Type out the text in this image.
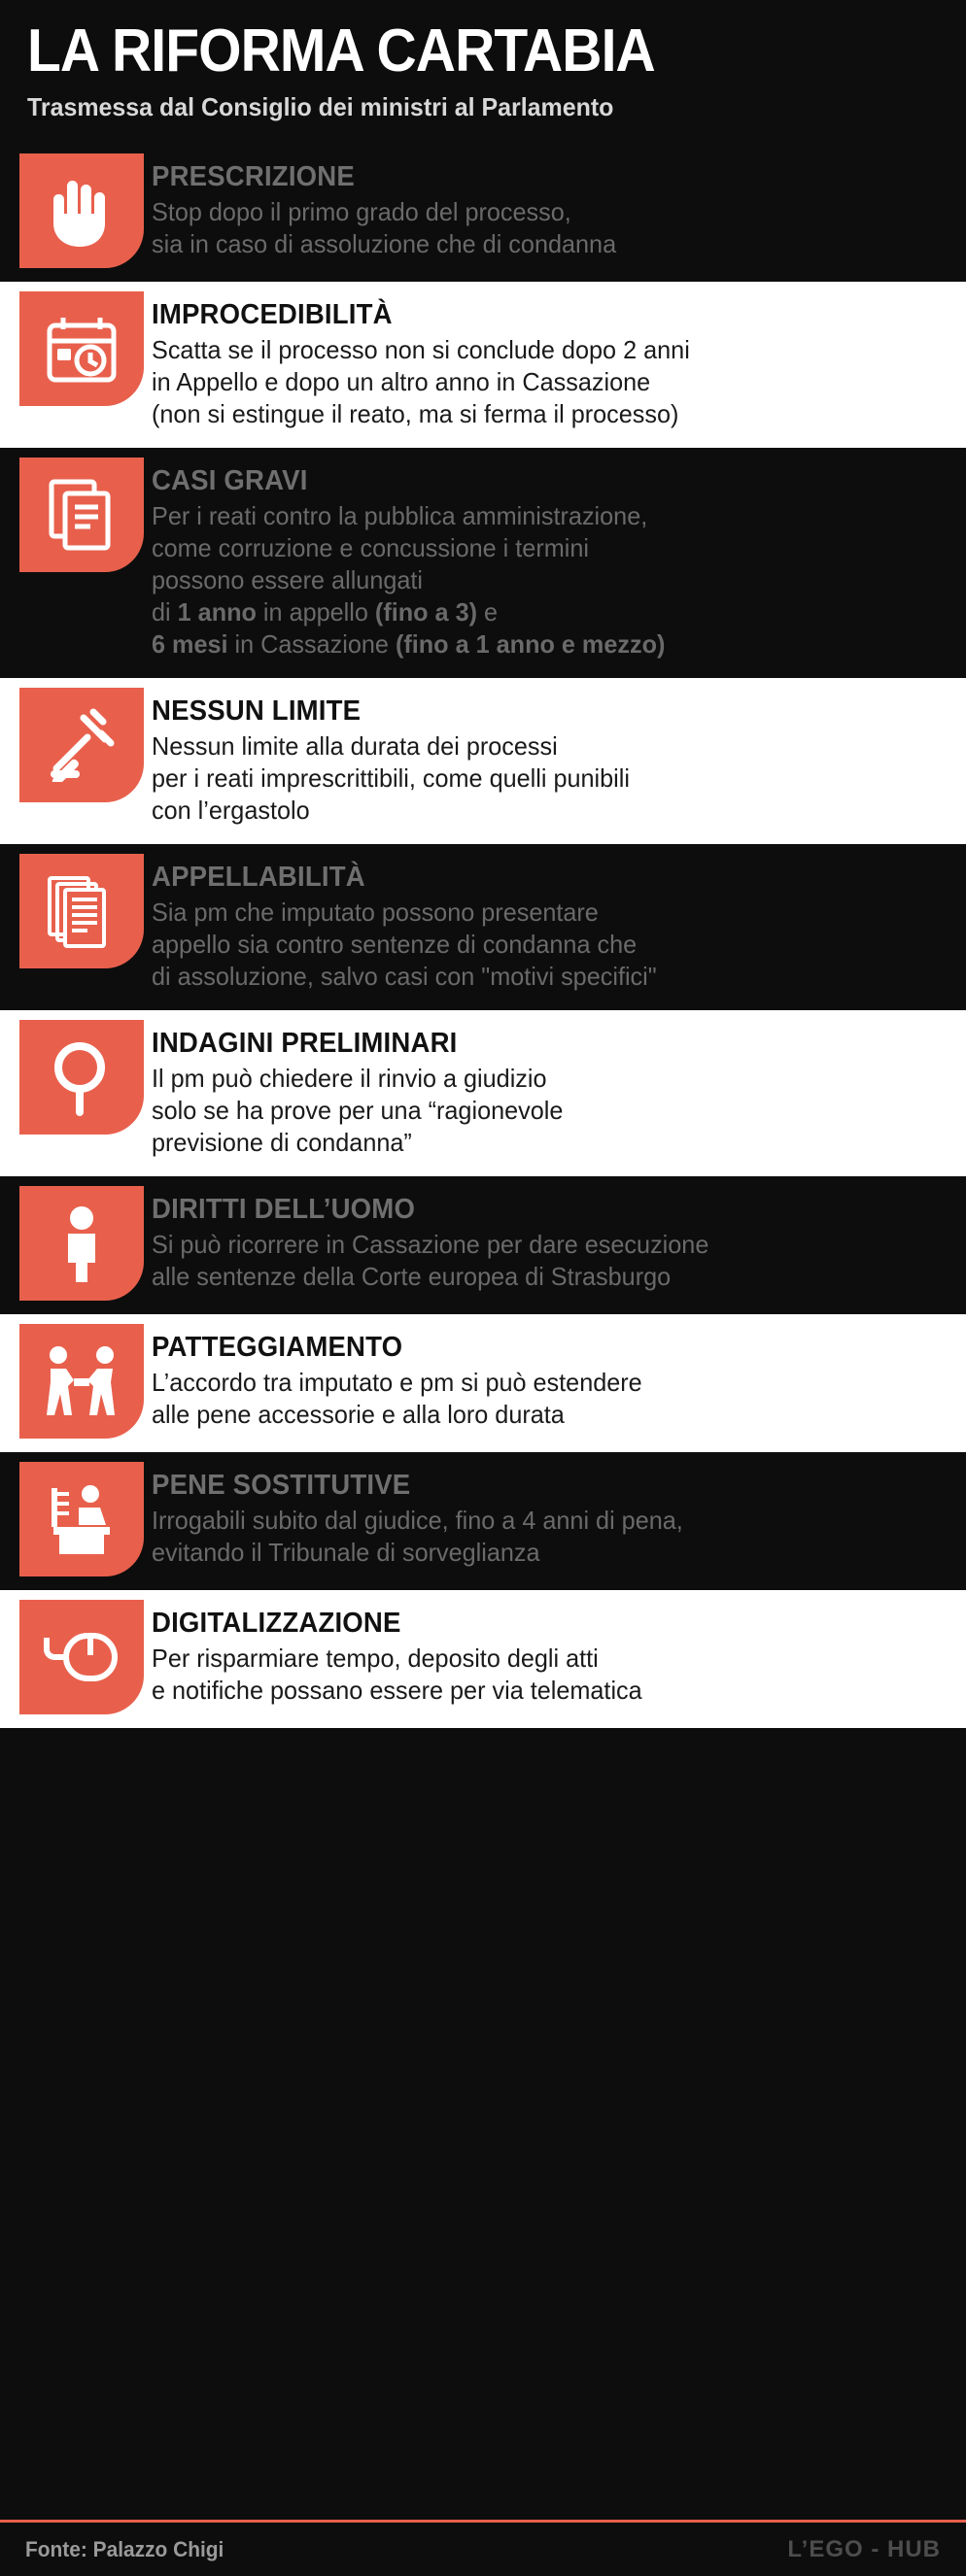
LA RIFORMA CARTABIA
Trasmessa dal Consiglio dei ministri al Parlamento
PRESCRIZIONE
Stop dopo il primo grado del processo,
sia in caso di assoluzione che di condanna
IMPROCEDIBILITÀ
Scatta se il processo non si conclude dopo 2 anni
in Appello e dopo un altro anno in Cassazione
(non si estingue il reato, ma si ferma il processo)
CASI GRAVI
Per i reati contro la pubblica amministrazione,
come corruzione e concussione i termini
possono essere allungati
di 1 anno in appello (fino a 3) e
6 mesi in Cassazione (fino a 1 anno e mezzo)
NESSUN LIMITE
Nessun limite alla durata dei processi
per i reati imprescrittibili, come quelli punibili
con l’ergastolo
APPELLABILITÀ
Sia pm che imputato possono presentare
appello sia contro sentenze di condanna che
di assoluzione, salvo casi con "motivi specifici"
INDAGINI PRELIMINARI
Il pm può chiedere il rinvio a giudizio
solo se ha prove per una “ragionevole
previsione di condanna”
DIRITTI DELL’UOMO
Si può ricorrere in Cassazione per dare esecuzione
alle sentenze della Corte europea di Strasburgo
PATTEGGIAMENTO
L’accordo tra imputato e pm si può estendere
alle pene accessorie e alla loro durata
PENE SOSTITUTIVE
Irrogabili subito dal giudice, fino a 4 anni di pena,
evitando il Tribunale di sorveglianza
DIGITALIZZAZIONE
Per risparmiare tempo, deposito degli atti
e notifiche possano essere per via telematica
Fonte: Palazzo Chigi	L’EGO - HUB
